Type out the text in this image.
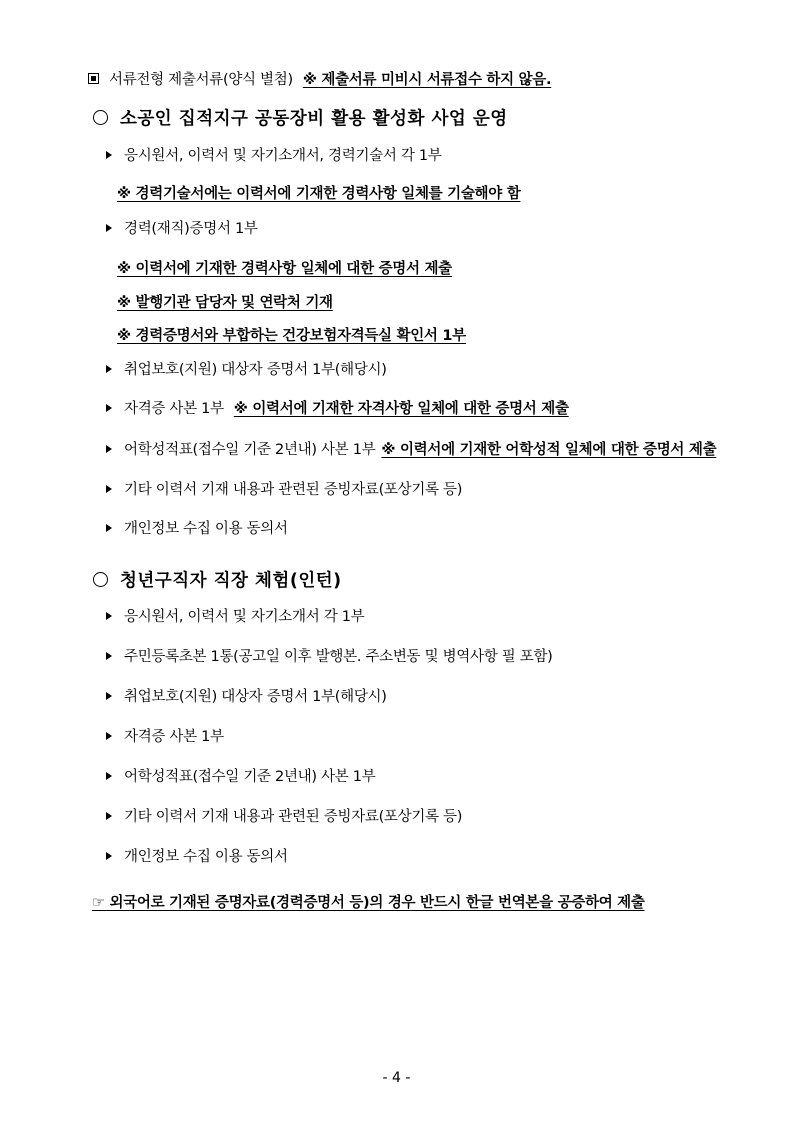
서류전형 제출서류(양식 별첨) ※ 제출서류 미비시 서류접수 하지 않음.
소공인 집적지구 공동장비 활용 활성화 사업 운영
응시원서, 이력서 및 자기소개서, 경력기술서 각 1부
※ 경력기술서에는 이력서에 기재한 경력사항 일체를 기술해야 함
경력(재직)증명서 1부
※ 이력서에 기재한 경력사항 일체에 대한 증명서 제출
※ 발행기관 담당자 및 연락처 기재
※ 경력증명서와 부합하는 건강보험자격득실 확인서 1부
취업보호(지원) 대상자 증명서 1부(해당시)
자격증 사본 1부 ※ 이력서에 기재한 자격사항 일체에 대한 증명서 제출
어학성적표(접수일 기준 2년내) 사본 1부 ※ 이력서에 기재한 어학성적 일체에 대한 증명서 제출
기타 이력서 기재 내용과 관련된 증빙자료(포상기록 등)
개인정보 수집 이용 동의서
청년구직자 직장 체험(인턴)
응시원서, 이력서 및 자기소개서 각 1부
주민등록초본 1통(공고일 이후 발행본. 주소변동 및 병역사항 필 포함)
취업보호(지원) 대상자 증명서 1부(해당시)
자격증 사본 1부
어학성적표(접수일 기준 2년내) 사본 1부
기타 이력서 기재 내용과 관련된 증빙자료(포상기록 등)
개인정보 수집 이용 동의서
☞ 외국어로 기재된 증명자료(경력증명서 등)의 경우 반드시 한글 번역본을 공증하여 제출
- 4 -
